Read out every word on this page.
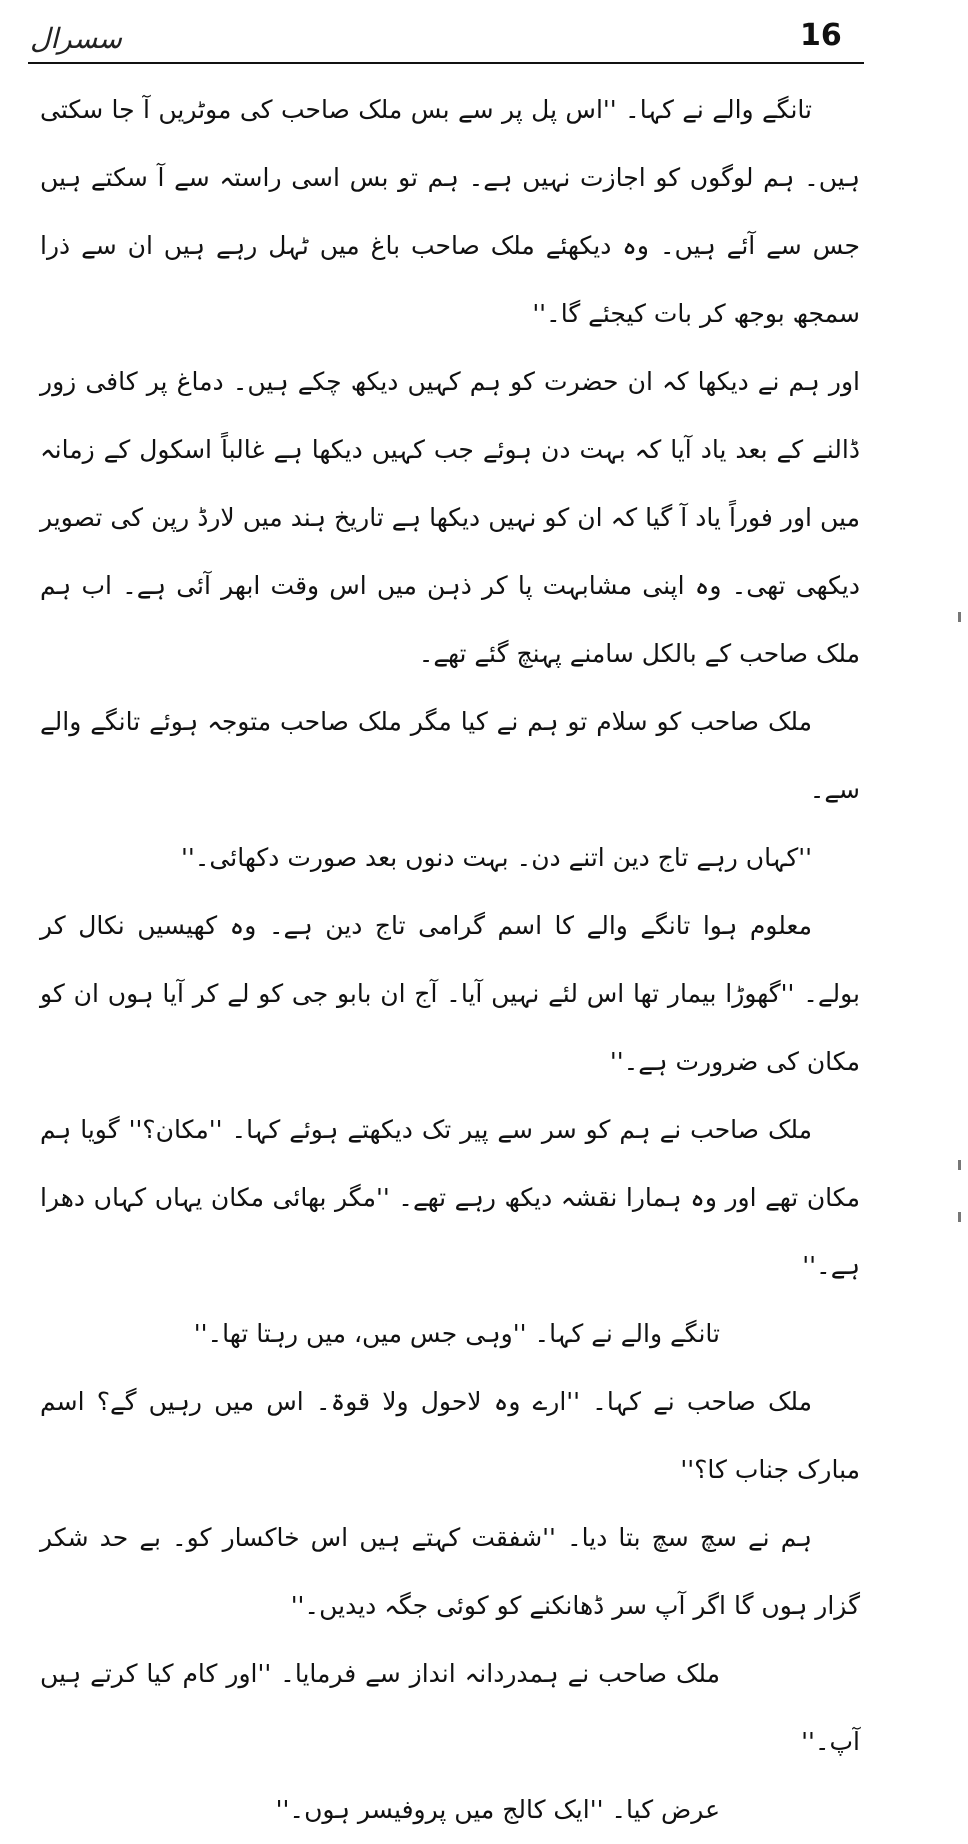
16
سسرال

تانگے والے نے کہا۔ ''اس پل پر سے بس ملک صاحب کی موٹریں آ جا سکتی ہیں۔ ہم لوگوں کو اجازت نہیں ہے۔ ہم تو بس اسی راستہ سے آ سکتے ہیں جس سے آئے ہیں۔ وہ دیکھئے ملک صاحب باغ میں ٹہل رہے ہیں ان سے ذرا سمجھ بوجھ کر بات کیجئے گا۔''

اور ہم نے دیکھا کہ ان حضرت کو ہم کہیں دیکھ چکے ہیں۔ دماغ پر کافی زور ڈالنے کے بعد یاد آیا کہ بہت دن ہوئے جب کہیں دیکھا ہے غالباً اسکول کے زمانہ میں اور فوراً یاد آ گیا کہ ان کو نہیں دیکھا ہے تاریخ ہند میں لارڈ رپن کی تصویر دیکھی تھی۔ وہ اپنی مشابہت پا کر ذہن میں اس وقت ابھر آئی ہے۔ اب ہم ملک صاحب کے بالکل سامنے پہنچ گئے تھے۔

ملک صاحب کو سلام تو ہم نے کیا مگر ملک صاحب متوجہ ہوئے تانگے والے سے۔

''کہاں رہے تاج دین اتنے دن۔ بہت دنوں بعد صورت دکھائی۔''

معلوم ہوا تانگے والے کا اسم گرامی تاج دین ہے۔ وہ کھیسیں نکال کر بولے۔ ''گھوڑا بیمار تھا اس لئے نہیں آیا۔ آج ان بابو جی کو لے کر آیا ہوں ان کو مکان کی ضرورت ہے۔''

ملک صاحب نے ہم کو سر سے پیر تک دیکھتے ہوئے کہا۔ ''مکان؟'' گویا ہم مکان تھے اور وہ ہمارا نقشہ دیکھ رہے تھے۔ ''مگر بھائی مکان یہاں کہاں دھرا ہے۔''

تانگے والے نے کہا۔ ''وہی جس میں، میں رہتا تھا۔''

ملک صاحب نے کہا۔ ''ارے وہ لاحول ولا قوۃ۔ اس میں رہیں گے؟ اسم مبارک جناب کا؟''

ہم نے سچ سچ بتا دیا۔ ''شفقت کہتے ہیں اس خاکسار کو۔ بے حد شکر گزار ہوں گا اگر آپ سر ڈھانکنے کو کوئی جگہ دیدیں۔''

ملک صاحب نے ہمدردانہ انداز سے فرمایا۔ ''اور کام کیا کرتے ہیں آپ۔''

عرض کیا۔ ''ایک کالج میں پروفیسر ہوں۔''
